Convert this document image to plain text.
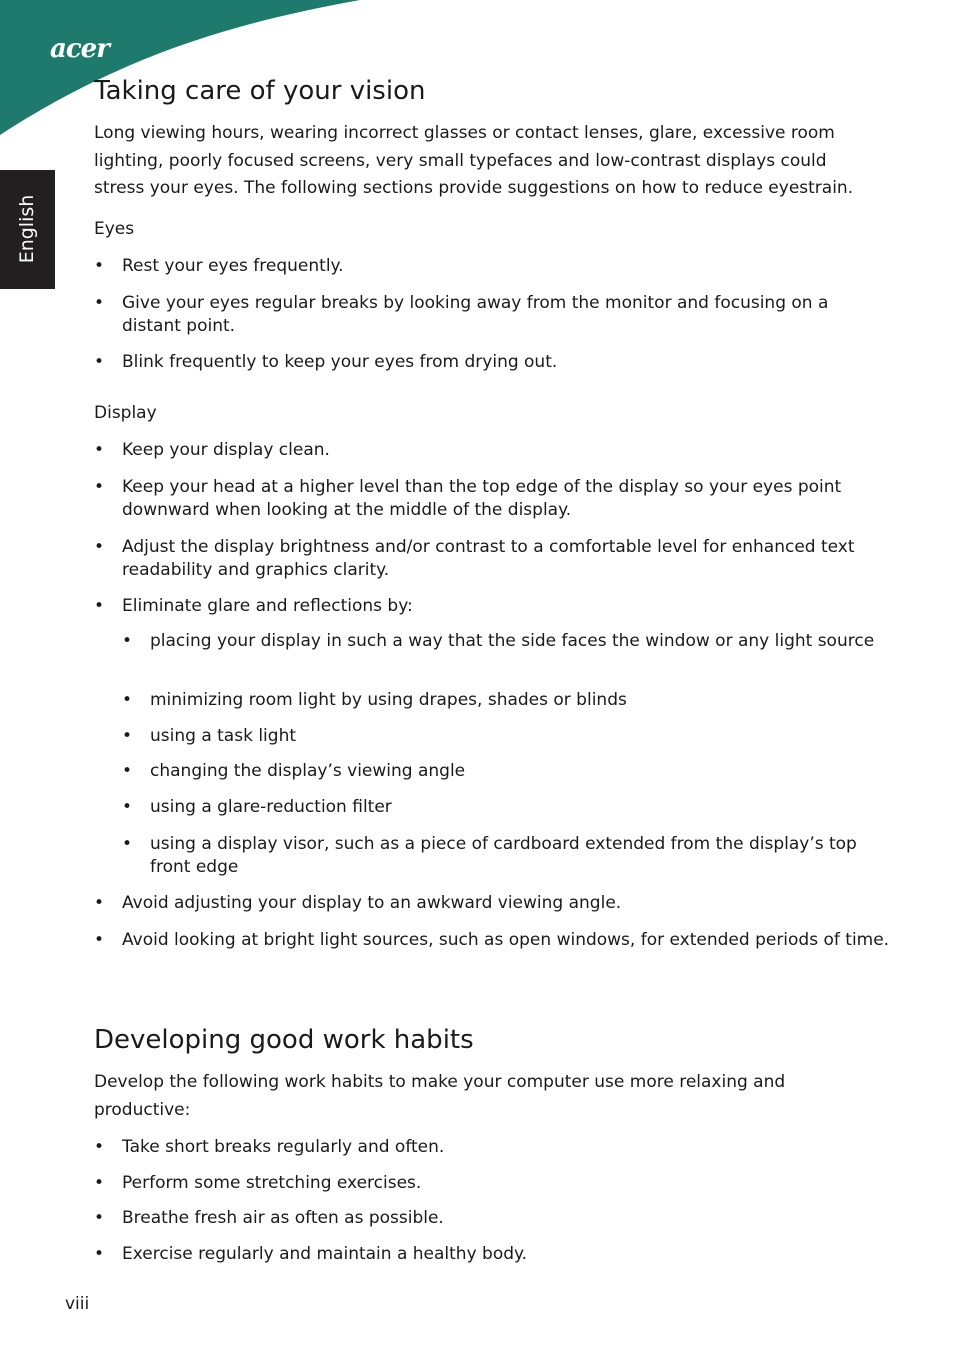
acer
English
Taking care of your vision

Long viewing hours, wearing incorrect glasses or contact lenses, glare, excessive room lighting, poorly focused screens, very small typefaces and low-contrast displays could stress your eyes. The following sections provide suggestions on how to reduce eyestrain.

Eyes

• Rest your eyes frequently.
• Give your eyes regular breaks by looking away from the monitor and focusing on a distant point.
• Blink frequently to keep your eyes from drying out.

Display

• Keep your display clean.
• Keep your head at a higher level than the top edge of the display so your eyes point downward when looking at the middle of the display.
• Adjust the display brightness and/or contrast to a comfortable level for enhanced text readability and graphics clarity.
• Eliminate glare and reflections by:
• placing your display in such a way that the side faces the window or any light source
• minimizing room light by using drapes, shades or blinds
• using a task light
• changing the display’s viewing angle
• using a glare-reduction filter
• using a display visor, such as a piece of cardboard extended from the display’s top front edge
• Avoid adjusting your display to an awkward viewing angle.
• Avoid looking at bright light sources, such as open windows, for extended periods of time.
Developing good work habits

Develop the following work habits to make your computer use more relaxing and productive:

• Take short breaks regularly and often.
• Perform some stretching exercises.
• Breathe fresh air as often as possible.
• Exercise regularly and maintain a healthy body.
viii
